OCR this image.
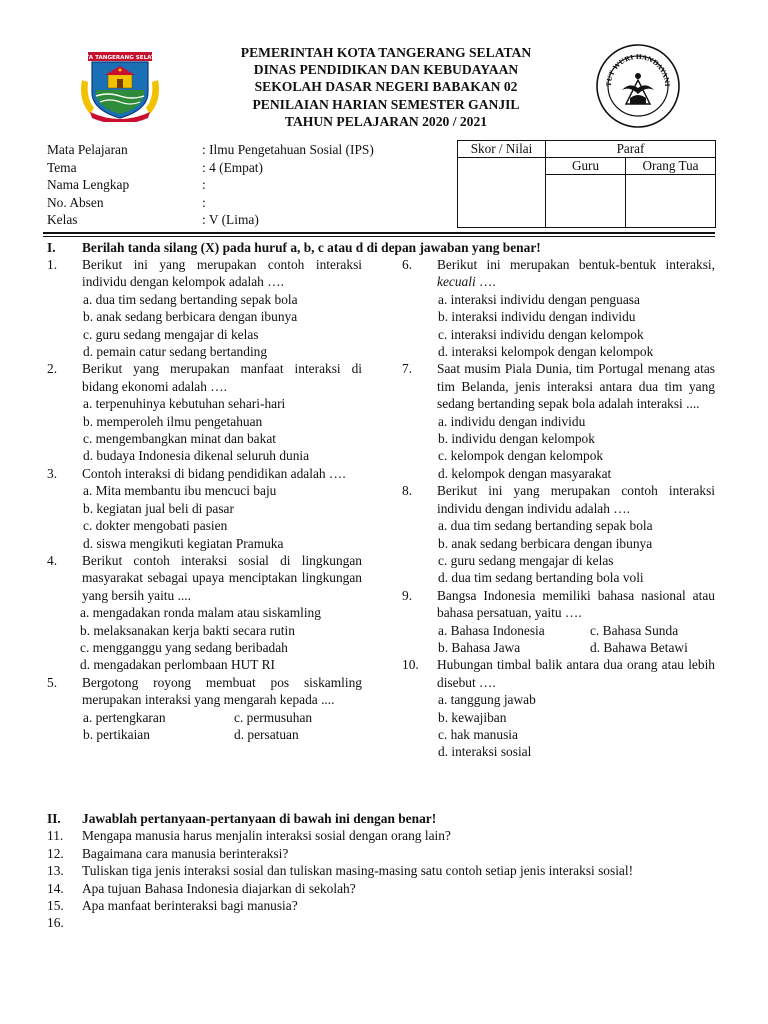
KOTA TANGERANG SELATAN	PEMERINTAH KOTA TANGERANG SELATAN
DINAS PENDIDIKAN DAN KEBUDAYAAN
SEKOLAH DASAR NEGERI BABAKAN 02
PENILAIAN HARIAN SEMESTER GANJIL
TAHUN PELAJARAN 2020 / 2021
TUT WURI HANDAYANI
Mata Pelajaran	: Ilmu Pengetahuan Sosial (IPS)
Tema	: 4 (Empat)
Nama Lengkap	:
No. Absen	:
Kelas	: V (Lima)
Skor / Nilai	Paraf	
	Guru	Orang Tua

I. Berilah tanda silang (X) pada huruf a, b, c atau d di depan jawaban yang benar!
1.	Berikut ini yang merupakan contoh interaksi individu dengan kelompok adalah ….
a. dua tim sedang bertanding sepak bola
b. anak sedang berbicara dengan ibunya
c. guru sedang mengajar di kelas
d. pemain catur sedang bertanding
2.	Berikut yang merupakan manfaat interaksi di bidang ekonomi adalah ….
a. terpenuhinya kebutuhan sehari-hari
b. memperoleh ilmu pengetahuan
c. mengembangkan minat dan bakat
d. budaya Indonesia dikenal seluruh dunia
3.	Contoh interaksi di bidang pendidikan adalah ….
a. Mita membantu ibu mencuci baju
b. kegiatan jual beli di pasar
c. dokter mengobati pasien
d. siswa mengikuti kegiatan Pramuka
4.	Berikut contoh interaksi sosial di lingkungan masyarakat sebagai upaya menciptakan lingkungan yang bersih yaitu ....
a. mengadakan ronda malam atau siskamling
b. melaksanakan kerja bakti secara rutin
c. mengganggu yang sedang beribadah
d. mengadakan perlombaan HUT RI
5.	Bergotong royong membuat pos siskamling merupakan interaksi yang mengarah kepada ....
a. pertengkaran	c. permusuhan
b. pertikaian	d. persatuan
6.	Berikut ini merupakan bentuk-bentuk interaksi, kecuali ….
a. interaksi individu dengan penguasa
b. interaksi individu dengan individu
c. interaksi individu dengan kelompok
d. interaksi kelompok dengan kelompok
7.	Saat musim Piala Dunia, tim Portugal menang atas tim Belanda, jenis interaksi antara dua tim yang sedang bertanding sepak bola adalah interaksi ....
a. individu dengan individu
b. individu dengan kelompok
c. kelompok dengan kelompok
d. kelompok dengan masyarakat
8.	Berikut ini yang merupakan contoh interaksi individu dengan individu adalah ….
a. dua tim sedang bertanding sepak bola
b. anak sedang berbicara dengan ibunya
c. guru sedang mengajar di kelas
d. dua tim sedang bertanding bola voli
9.	Bangsa Indonesia memiliki bahasa nasional atau bahasa persatuan, yaitu ….
a. Bahasa Indonesia	c. Bahasa Sunda
b. Bahasa Jawa	d. Bahawa Betawi
10.	Hubungan timbal balik antara dua orang atau lebih disebut ….
a. tanggung jawab
b. kewajiban
c. hak manusia
d. interaksi sosial
II. Jawablah pertanyaan-pertanyaan di bawah ini dengan benar!
11.	Mengapa manusia harus menjalin interaksi sosial dengan orang lain?
12.	Bagaimana cara manusia berinteraksi?
13.	Tuliskan tiga jenis interaksi sosial dan tuliskan masing-masing satu contoh setiap jenis interaksi sosial!
14.	Apa tujuan Bahasa Indonesia diajarkan di sekolah?
15.	Apa manfaat berinteraksi bagi manusia?
16.
